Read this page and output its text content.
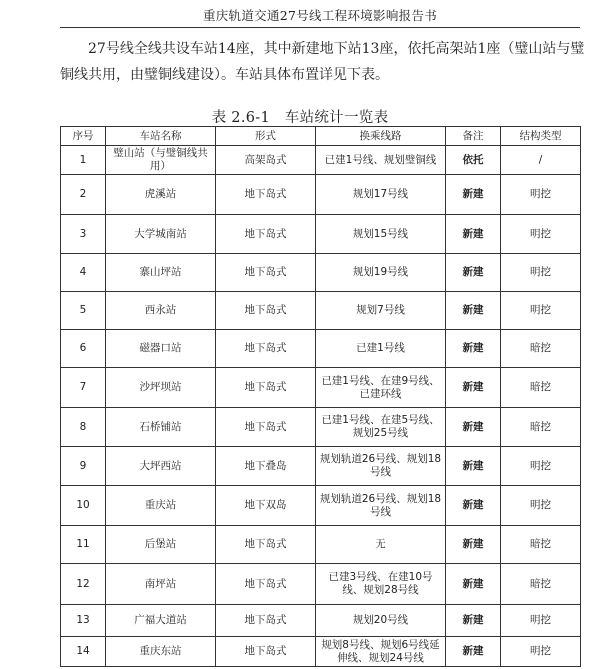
重庆轨道交通27号线工程环境影响报告书
27号线全线共设车站14座，其中新建地下站13座，依托高架站1座（璧山站与璧铜线共用，由璧铜线建设）。车站具体布置详见下表。
表 2.6-1　车站统计一览表
序号	车站名称	形式	换乘线路	备注	结构类型
1	璧山站（与璧铜线共用）	高架岛式	已建1号线、规划璧铜线	依托	/
2	虎溪站	地下岛式	规划17号线	新建	明挖
3	大学城南站	地下岛式	规划15号线	新建	明挖
4	寨山坪站	地下岛式	规划19号线	新建	明挖
5	西永站	地下岛式	规划7号线	新建	明挖
6	磁器口站	地下岛式	已建1号线	新建	暗挖
7	沙坪坝站	地下岛式	已建1号线、在建9号线、已建环线	新建	暗挖
8	石桥铺站	地下岛式	已建1号线、在建5号线、规划25号线	新建	暗挖
9	大坪西站	地下叠岛	规划轨道26号线、规划18号线	新建	明挖
10	重庆站	地下双岛	规划轨道26号线、规划18号线	新建	明挖
11	后堡站	地下岛式	无	新建	暗挖
12	南坪站	地下岛式	已建3号线、在建10号线、规划28号线	新建	暗挖
13	广福大道站	地下岛式	规划20号线	新建	明挖
14	重庆东站	地下岛式	规划8号线、规划6号线延伸线、规划24号线	新建	明挖
